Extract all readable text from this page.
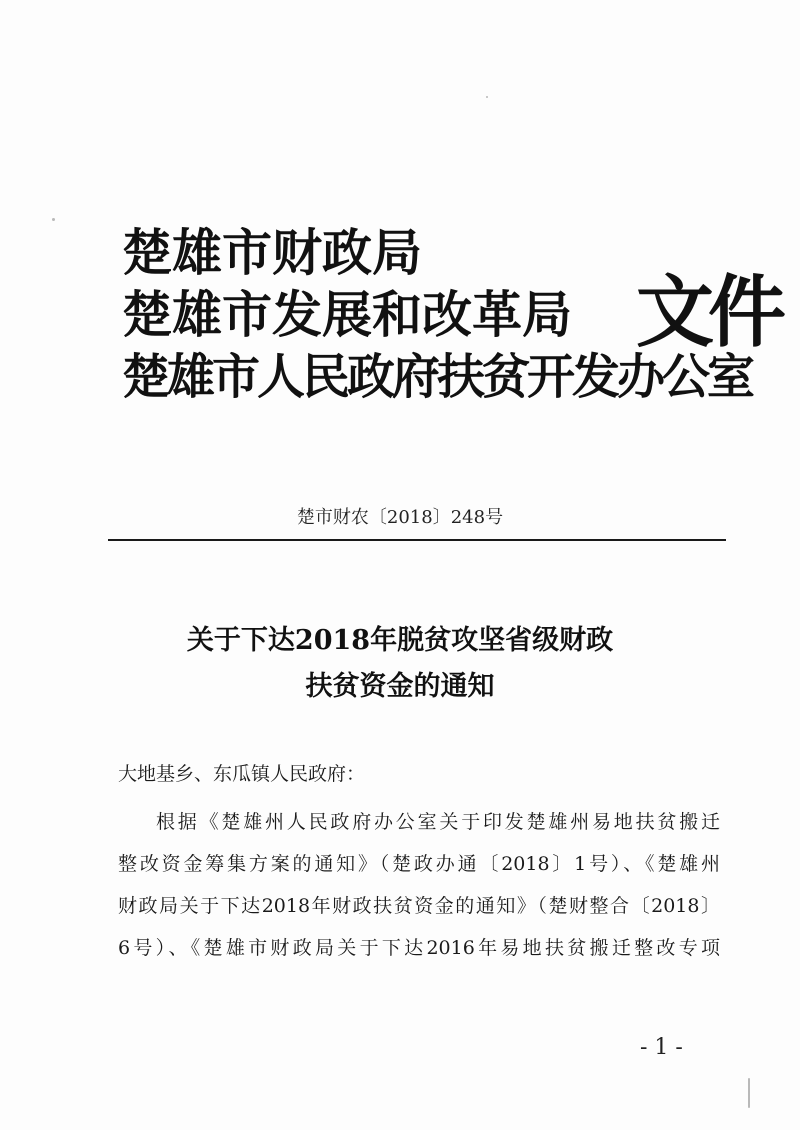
楚雄市财政局
楚雄市发展和改革局
楚雄市人民政府扶贫开发办公室
文件
楚市财农〔2018〕248号
关于下达2018年脱贫攻坚省级财政
扶贫资金的通知
大地基乡、东瓜镇人民政府：
根据《楚雄州人民政府办公室关于印发楚雄州易地扶贫搬迁
整改资金筹集方案的通知》（楚政办通〔2018〕1号）、《楚雄州
财政局关于下达2018年财政扶贫资金的通知》（楚财整合〔2018〕
6号）、《楚雄市财政局关于下达2016年易地扶贫搬迁整改专项
- 1 -
